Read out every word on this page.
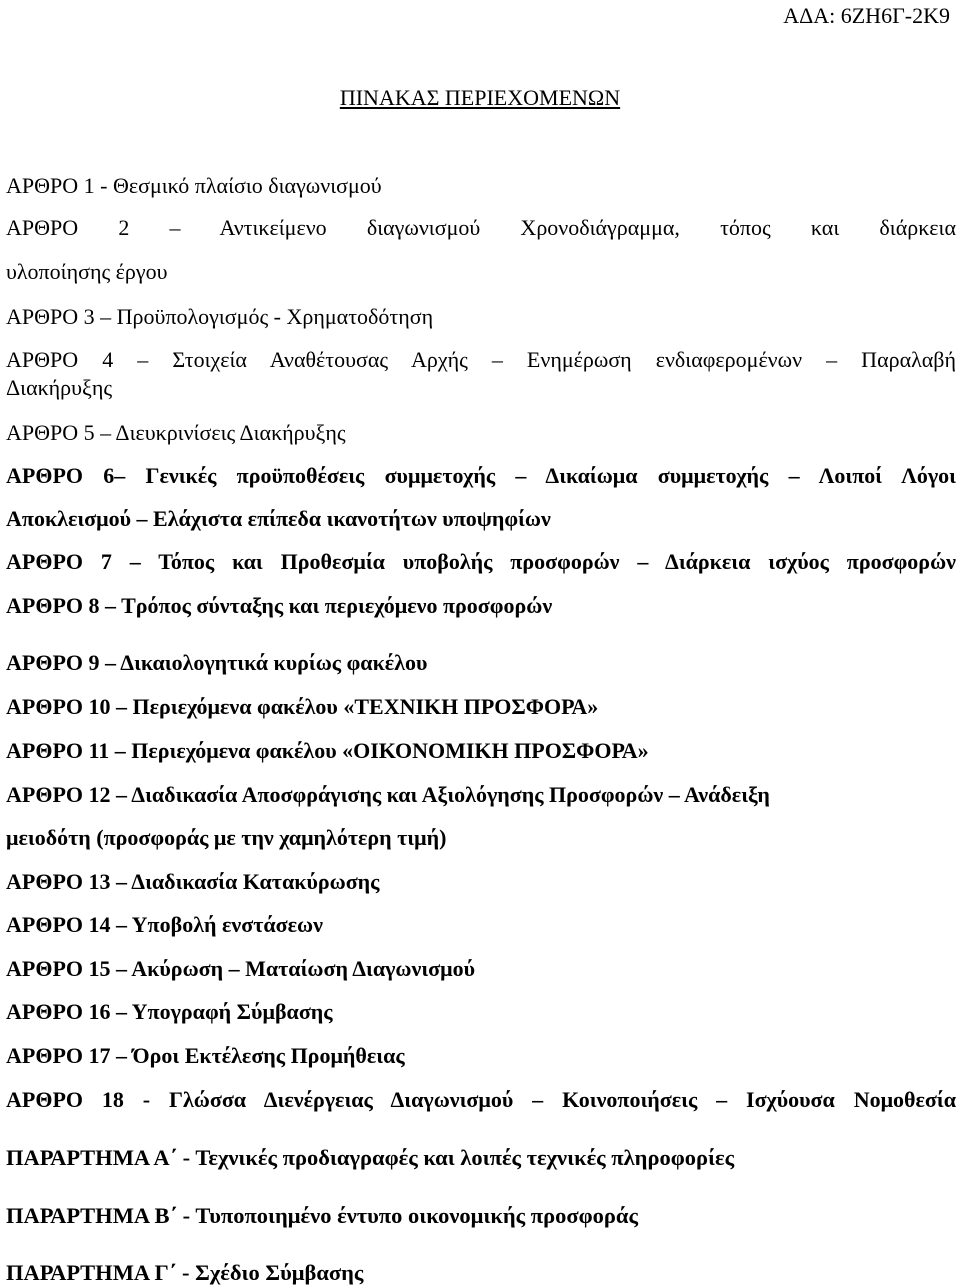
ΑΔΑ: 6ΖΗ6Γ-2Κ9
ΠΙΝΑΚΑΣ ΠΕΡΙΕΧΟΜΕΝΩΝ
ΑΡΘΡΟ 1 - Θεσμικό πλαίσιο διαγωνισμού
ΑΡΘΡΟ 2 – Αντικείμενο διαγωνισμού Χρονοδιάγραμμα, τόπος και διάρκεια
υλοποίησης έργου
ΑΡΘΡΟ 3 – Προϋπολογισμός - Χρηματοδότηση
ΑΡΘΡΟ 4 – Στοιχεία Αναθέτουσας Αρχής – Ενημέρωση ενδιαφερομένων – Παραλαβή
Διακήρυξης
ΑΡΘΡΟ 5 – Διευκρινίσεις Διακήρυξης
ΑΡΘΡΟ 6– Γενικές προϋποθέσεις συμμετοχής – Δικαίωμα συμμετοχής – Λοιποί Λόγοι
Αποκλεισμού – Ελάχιστα επίπεδα ικανοτήτων υποψηφίων
ΑΡΘΡΟ 7 – Τόπος και Προθεσμία υποβολής προσφορών – Διάρκεια ισχύος προσφορών
ΑΡΘΡΟ 8 – Τρόπος σύνταξης και περιεχόμενο προσφορών
ΑΡΘΡΟ 9 – Δικαιολογητικά κυρίως φακέλου
ΑΡΘΡΟ 10 – Περιεχόμενα φακέλου «ΤΕΧΝΙΚΗ ΠΡΟΣΦΟΡΑ»
ΑΡΘΡΟ 11 – Περιεχόμενα φακέλου «ΟΙΚΟΝΟΜΙΚΗ ΠΡΟΣΦΟΡΑ»
ΑΡΘΡΟ 12 – Διαδικασία Αποσφράγισης και Αξιολόγησης Προσφορών – Ανάδειξη
μειοδότη (προσφοράς με την χαμηλότερη τιμή)
ΑΡΘΡΟ 13 – Διαδικασία Κατακύρωσης
ΑΡΘΡΟ 14 – Υποβολή ενστάσεων
ΑΡΘΡΟ 15 – Ακύρωση – Ματαίωση Διαγωνισμού
ΑΡΘΡΟ 16 – Υπογραφή Σύμβασης
ΑΡΘΡΟ 17 – Όροι Εκτέλεσης Προμήθειας
ΑΡΘΡΟ 18 - Γλώσσα Διενέργειας Διαγωνισμού – Κοινοποιήσεις – Ισχύουσα Νομοθεσία
ΠΑΡΑΡΤΗΜΑ Α΄ - Τεχνικές προδιαγραφές και λοιπές τεχνικές πληροφορίες
ΠΑΡΑΡΤΗΜΑ Β΄ - Τυποποιημένο έντυπο οικονομικής προσφοράς
ΠΑΡΑΡΤΗΜΑ Γ΄ - Σχέδιο Σύμβασης
